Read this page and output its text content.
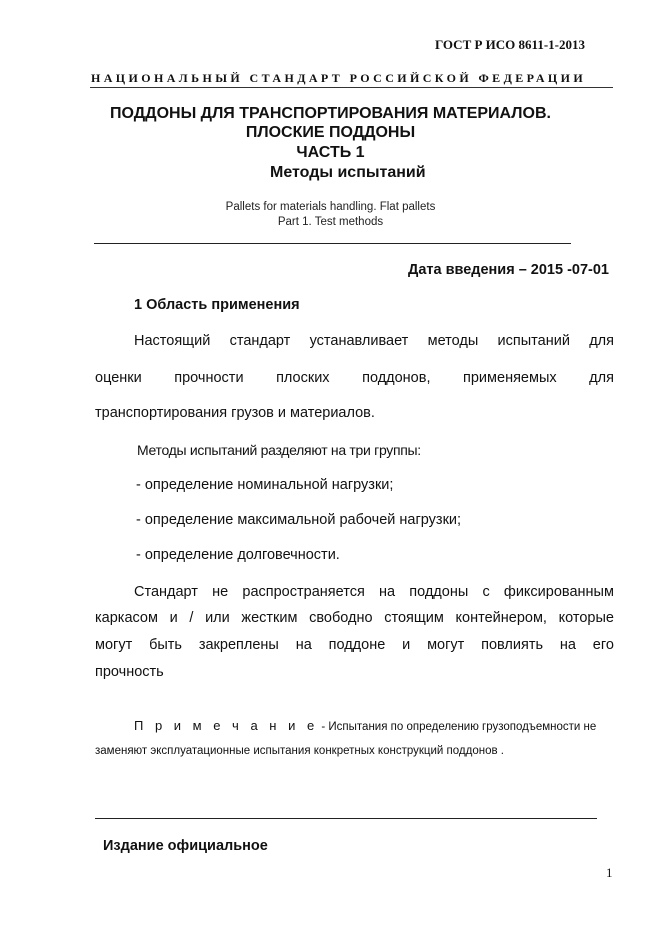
ГОСТ Р ИСО 8611-1-2013
НАЦИОНАЛЬНЫЙ СТАНДАРТ РОССИЙСКОЙ ФЕДЕРАЦИИ
ПОДДОНЫ ДЛЯ ТРАНСПОРТИРОВАНИЯ МАТЕРИАЛОВ.
ПЛОСКИЕ ПОДДОНЫ
ЧАСТЬ 1
Методы испытаний
Pallets for materials handling. Flat pallets
Part 1. Test methods
Дата введения – 2015 -07-01
1 Область применения
Настоящий стандарт устанавливает методы испытаний для
оценки прочности плоских поддонов, применяемых для
транспортирования грузов и материалов.
Методы испытаний разделяют на три группы:
- определение номинальной нагрузки;
- определение максимальной рабочей нагрузки;
- определение долговечности.
Стандарт не распространяется на поддоны с фиксированным
каркасом и / или жестким свободно стоящим контейнером, которые
могут быть закреплены на поддоне и могут повлиять на его
прочность
П р и м е ч а н и е - Испытания по определению грузоподъемности не
заменяют эксплуатационные испытания конкретных конструкций поддонов .
Издание официальное
1
